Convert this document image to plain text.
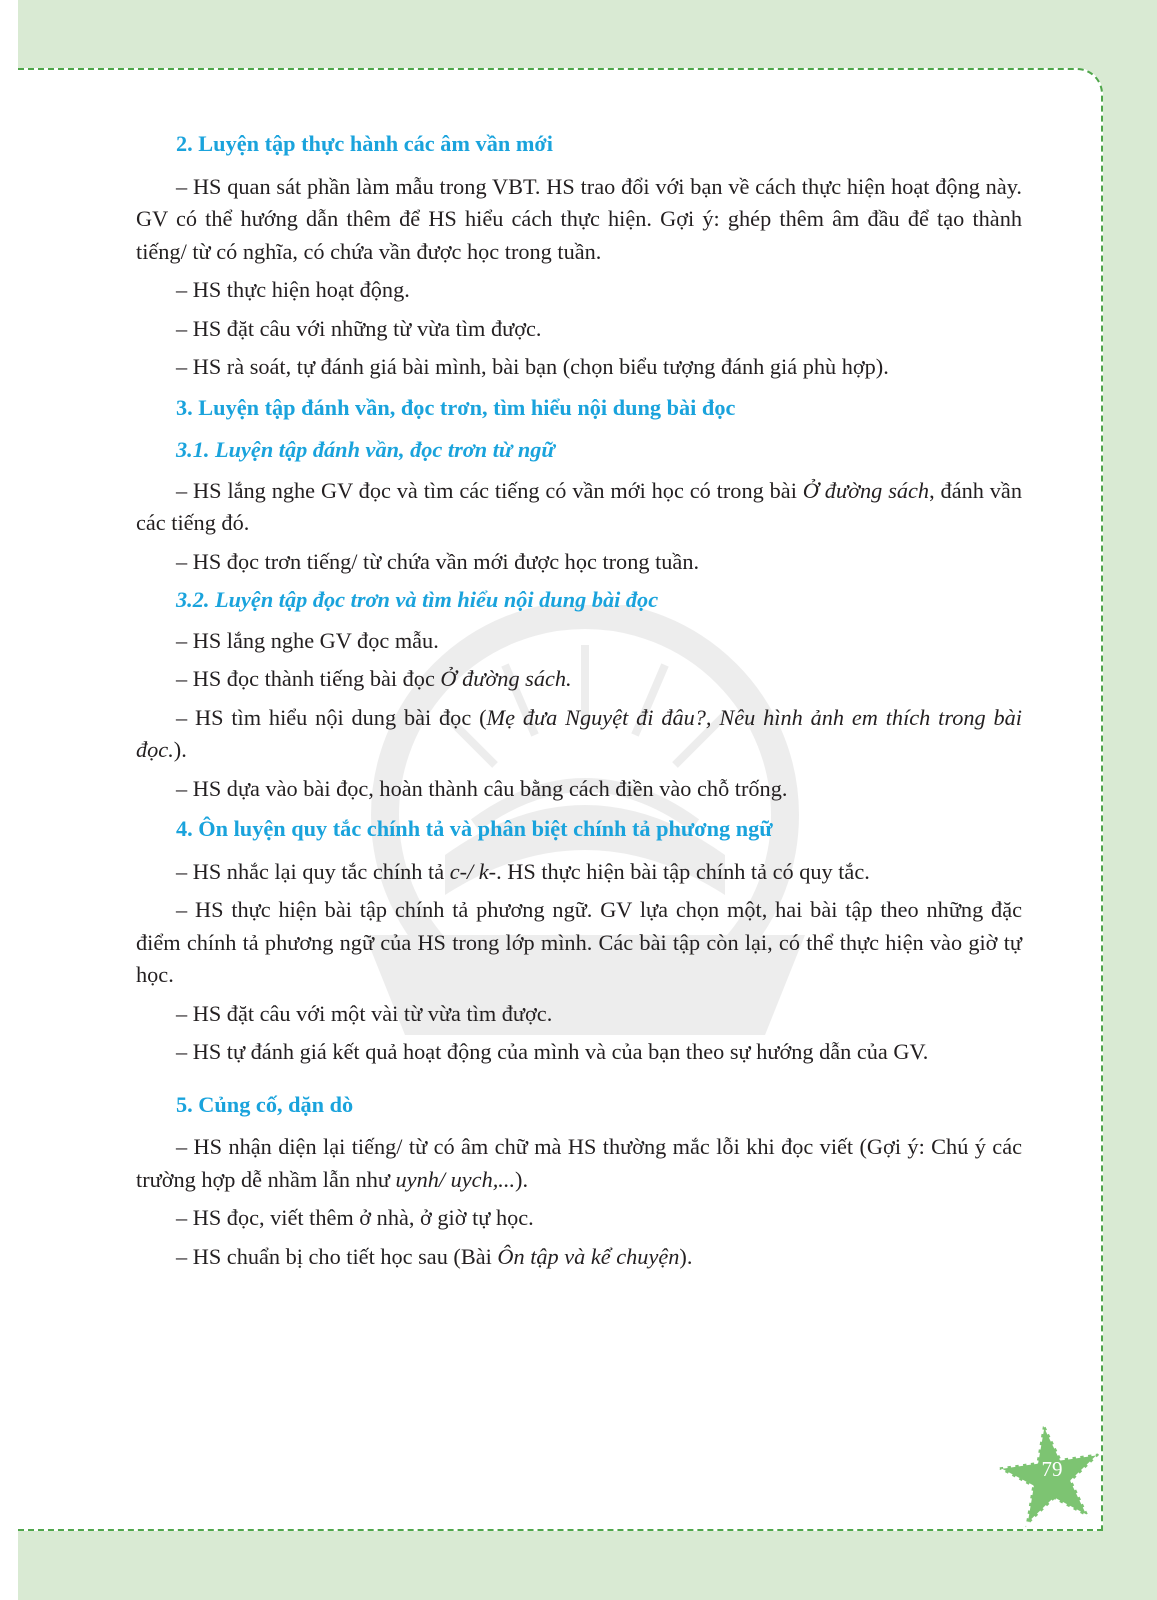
2. Luyện tập thực hành các âm vần mới

– HS quan sát phần làm mẫu trong VBT. HS trao đổi với bạn về cách thực hiện hoạt động này. GV có thể hướng dẫn thêm để HS hiểu cách thực hiện. Gợi ý: ghép thêm âm đầu để tạo thành tiếng/ từ có nghĩa, có chứa vần được học trong tuần.

– HS thực hiện hoạt động.

– HS đặt câu với những từ vừa tìm được.

– HS rà soát, tự đánh giá bài mình, bài bạn (chọn biểu tượng đánh giá phù hợp).

3. Luyện tập đánh vần, đọc trơn, tìm hiểu nội dung bài đọc
3.1. Luyện tập đánh vần, đọc trơn từ ngữ

– HS lắng nghe GV đọc và tìm các tiếng có vần mới học có trong bài Ở đường sách, đánh vần các tiếng đó.

– HS đọc trơn tiếng/ từ chứa vần mới được học trong tuần.

3.2. Luyện tập đọc trơn và tìm hiểu nội dung bài đọc

– HS lắng nghe GV đọc mẫu.

– HS đọc thành tiếng bài đọc Ở đường sách.

– HS tìm hiểu nội dung bài đọc (Mẹ đưa Nguyệt đi đâu?, Nêu hình ảnh em thích trong bài đọc.).

– HS dựa vào bài đọc, hoàn thành câu bằng cách điền vào chỗ trống.

4. Ôn luyện quy tắc chính tả và phân biệt chính tả phương ngữ

– HS nhắc lại quy tắc chính tả c-/ k-. HS thực hiện bài tập chính tả có quy tắc.

– HS thực hiện bài tập chính tả phương ngữ. GV lựa chọn một, hai bài tập theo những đặc điểm chính tả phương ngữ của HS trong lớp mình. Các bài tập còn lại, có thể thực hiện vào giờ tự học.

– HS đặt câu với một vài từ vừa tìm được.

– HS tự đánh giá kết quả hoạt động của mình và của bạn theo sự hướng dẫn của GV.

5. Củng cố, dặn dò

– HS nhận diện lại tiếng/ từ có âm chữ mà HS thường mắc lỗi khi đọc viết (Gợi ý: Chú ý các trường hợp dễ nhầm lẫn như uynh/ uych,...).

– HS đọc, viết thêm ở nhà, ở giờ tự học.

– HS chuẩn bị cho tiết học sau (Bài Ôn tập và kể chuyện).

79
